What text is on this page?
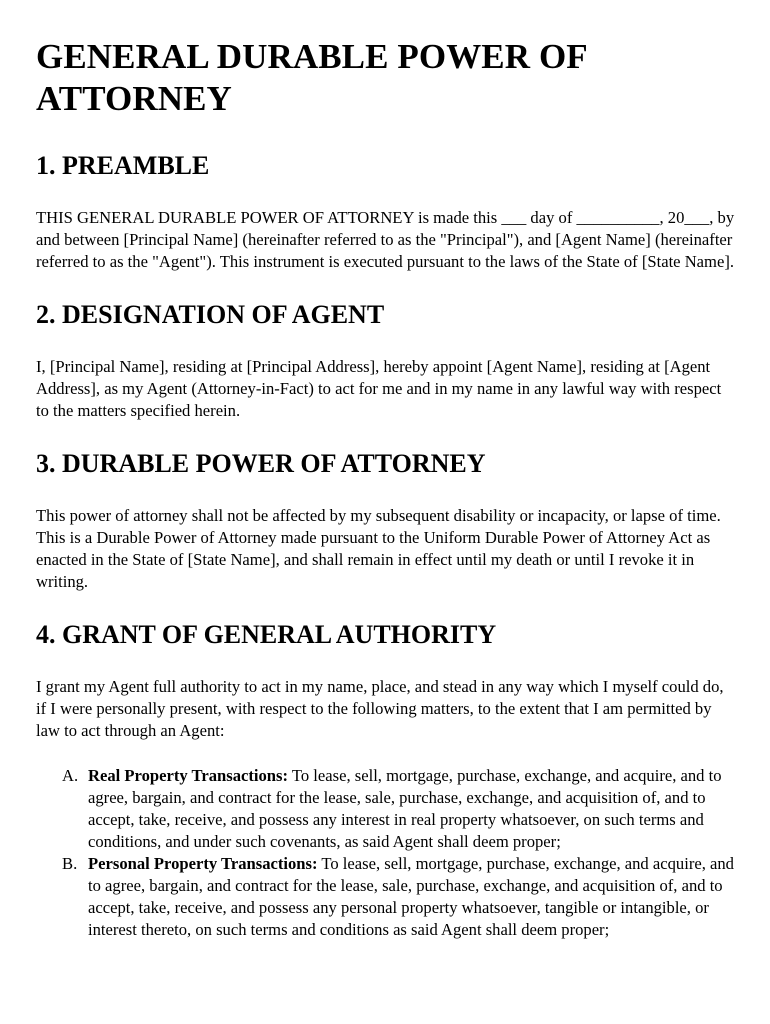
GENERAL DURABLE POWER OF ATTORNEY
1. PREAMBLE

THIS GENERAL DURABLE POWER OF ATTORNEY is made this ___ day of __________, 20___, by and between [Principal Name] (hereinafter referred to as the "Principal"), and [Agent Name] (hereinafter referred to as the "Agent"). This instrument is executed pursuant to the laws of the State of [State Name].

2. DESIGNATION OF AGENT

I, [Principal Name], residing at [Principal Address], hereby appoint [Agent Name], residing at [Agent Address], as my Agent (Attorney-in-Fact) to act for me and in my name in any lawful way with respect to the matters specified herein.

3. DURABLE POWER OF ATTORNEY

This power of attorney shall not be affected by my subsequent disability or incapacity, or lapse of time. This is a Durable Power of Attorney made pursuant to the Uniform Durable Power of Attorney Act as enacted in the State of [State Name], and shall remain in effect until my death or until I revoke it in writing.

4. GRANT OF GENERAL AUTHORITY

I grant my Agent full authority to act in my name, place, and stead in any way which I myself could do, if I were personally present, with respect to the following matters, to the extent that I am permitted by law to act through an Agent:

A. Real Property Transactions: To lease, sell, mortgage, purchase, exchange, and acquire, and to agree, bargain, and contract for the lease, sale, purchase, exchange, and acquisition of, and to accept, take, receive, and possess any interest in real property whatsoever, on such terms and conditions, and under such covenants, as said Agent shall deem proper;
B. Personal Property Transactions: To lease, sell, mortgage, purchase, exchange, and acquire, and to agree, bargain, and contract for the lease, sale, purchase, exchange, and acquisition of, and to accept, take, receive, and possess any personal property whatsoever, tangible or intangible, or interest thereto, on such terms and conditions as said Agent shall deem proper;
